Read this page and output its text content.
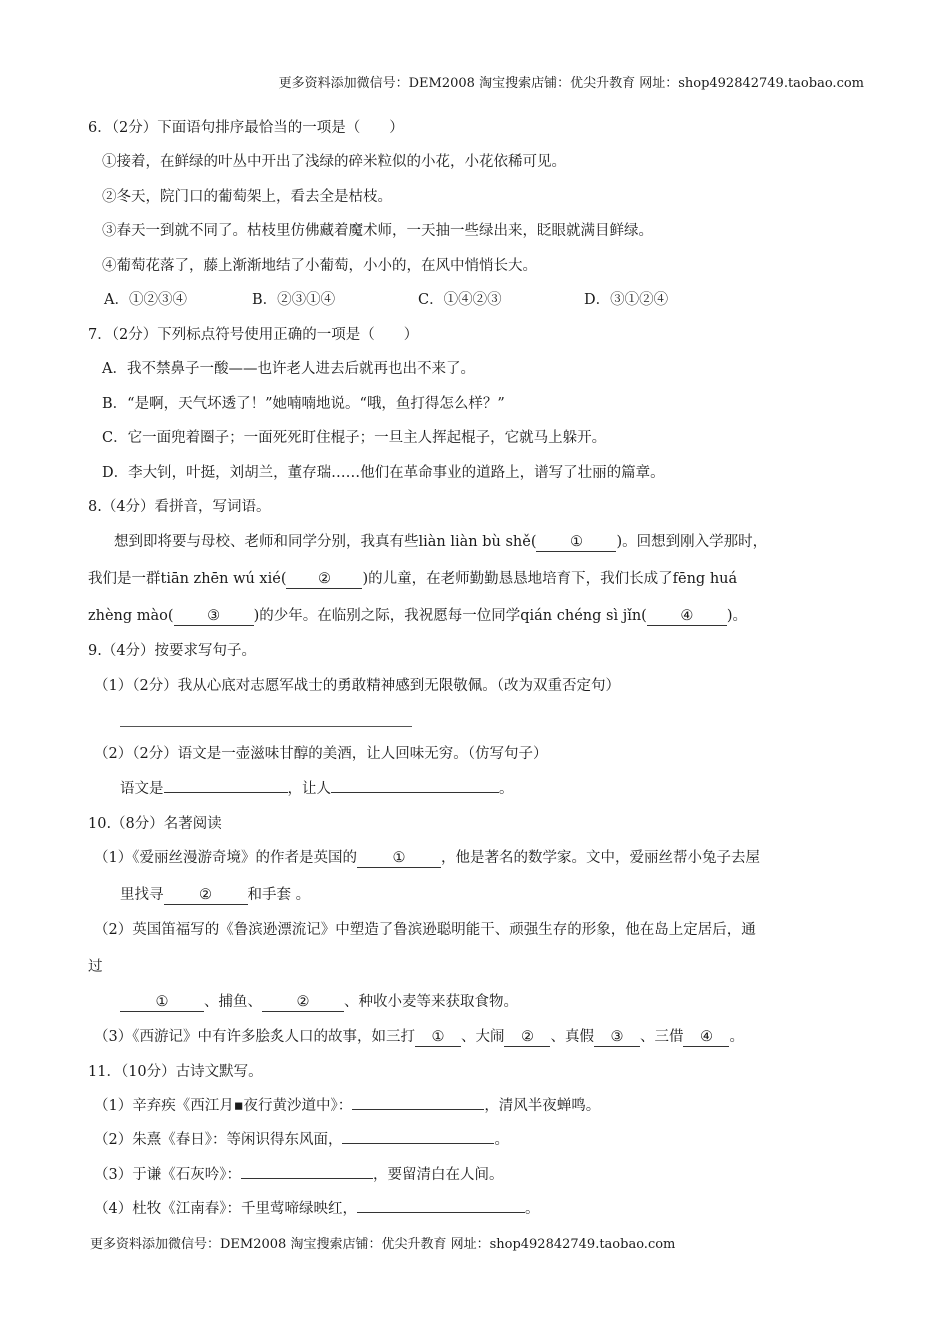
更多资料添加微信号：DEM2008 淘宝搜索店铺：优尖升教育 网址：shop492842749.taobao.com
6．（2分）下面语句排序最恰当的一项是（　　）
①接着，在鲜绿的叶丛中开出了浅绿的碎米粒似的小花，小花依稀可见。
②冬天，院门口的葡萄架上，看去全是枯枝。
③春天一到就不同了。枯枝里仿佛藏着魔术师，一天抽一些绿出来，眨眼就满目鲜绿。
④葡萄花落了，藤上渐渐地结了小葡萄，小小的，在风中悄悄长大。
A．①②③④	B．②③①④	C．①④②③	D．③①②④
7．（2分）下列标点符号使用正确的一项是（　　）
A．我不禁鼻子一酸——也许老人进去后就再也出不来了。
B．“是啊，天气坏透了！”她喃喃地说。“哦，鱼打得怎么样？”
C．它一面兜着圈子；一面死死盯住棍子；一旦主人挥起棍子，它就马上躲开。
D．李大钊，叶挺，刘胡兰，董存瑞……他们在革命事业的道路上，谱写了壮丽的篇章。
8.（4分）看拼音，写词语。
想到即将要与母校、老师和同学分别，我真有些liàn liàn bù shě( ① )。回想到刚入学那时，
我们是一群tiān zhēn wú xié( ② )的儿童，在老师勤勤恳恳地培育下，我们长成了fēng huá
zhèng mào( ③ )的少年。在临别之际，我祝愿每一位同学qián chéng sì jǐn( ④ )。
9.（4分）按要求写句子。
（1）（2分）我从心底对志愿军战士的勇敢精神感到无限敬佩。（改为双重否定句）
（2）（2分）语文是一壶滋味甘醇的美酒，让人回味无穷。（仿写句子）
语文是	，让人	。
10.（8分）名著阅读
（1）《爱丽丝漫游奇境》的作者是英国的 ① ，他是著名的数学家。文中，爱丽丝帮小兔子去屋
里找寻 ② 和手套 。
（2）英国笛福写的《鲁滨逊漂流记》中塑造了鲁滨逊聪明能干、顽强生存的形象，他在岛上定居后，通
过
① 、捕鱼、 ② 、种收小麦等来获取食物。
（3）《西游记》中有许多脍炙人口的故事，如三打 ① 、大闹 ② 、真假 ③ 、三借 ④ 。
11．（10分）古诗文默写。
（1）辛弃疾《西江月▪夜行黄沙道中》：	，清风半夜蝉鸣。
（2）朱熹《春日》：等闲识得东风面，	。
（3）于谦《石灰吟》：	，要留清白在人间。
（4）杜牧《江南春》：千里莺啼绿映红，	。
更多资料添加微信号：DEM2008 淘宝搜索店铺：优尖升教育 网址：shop492842749.taobao.com
